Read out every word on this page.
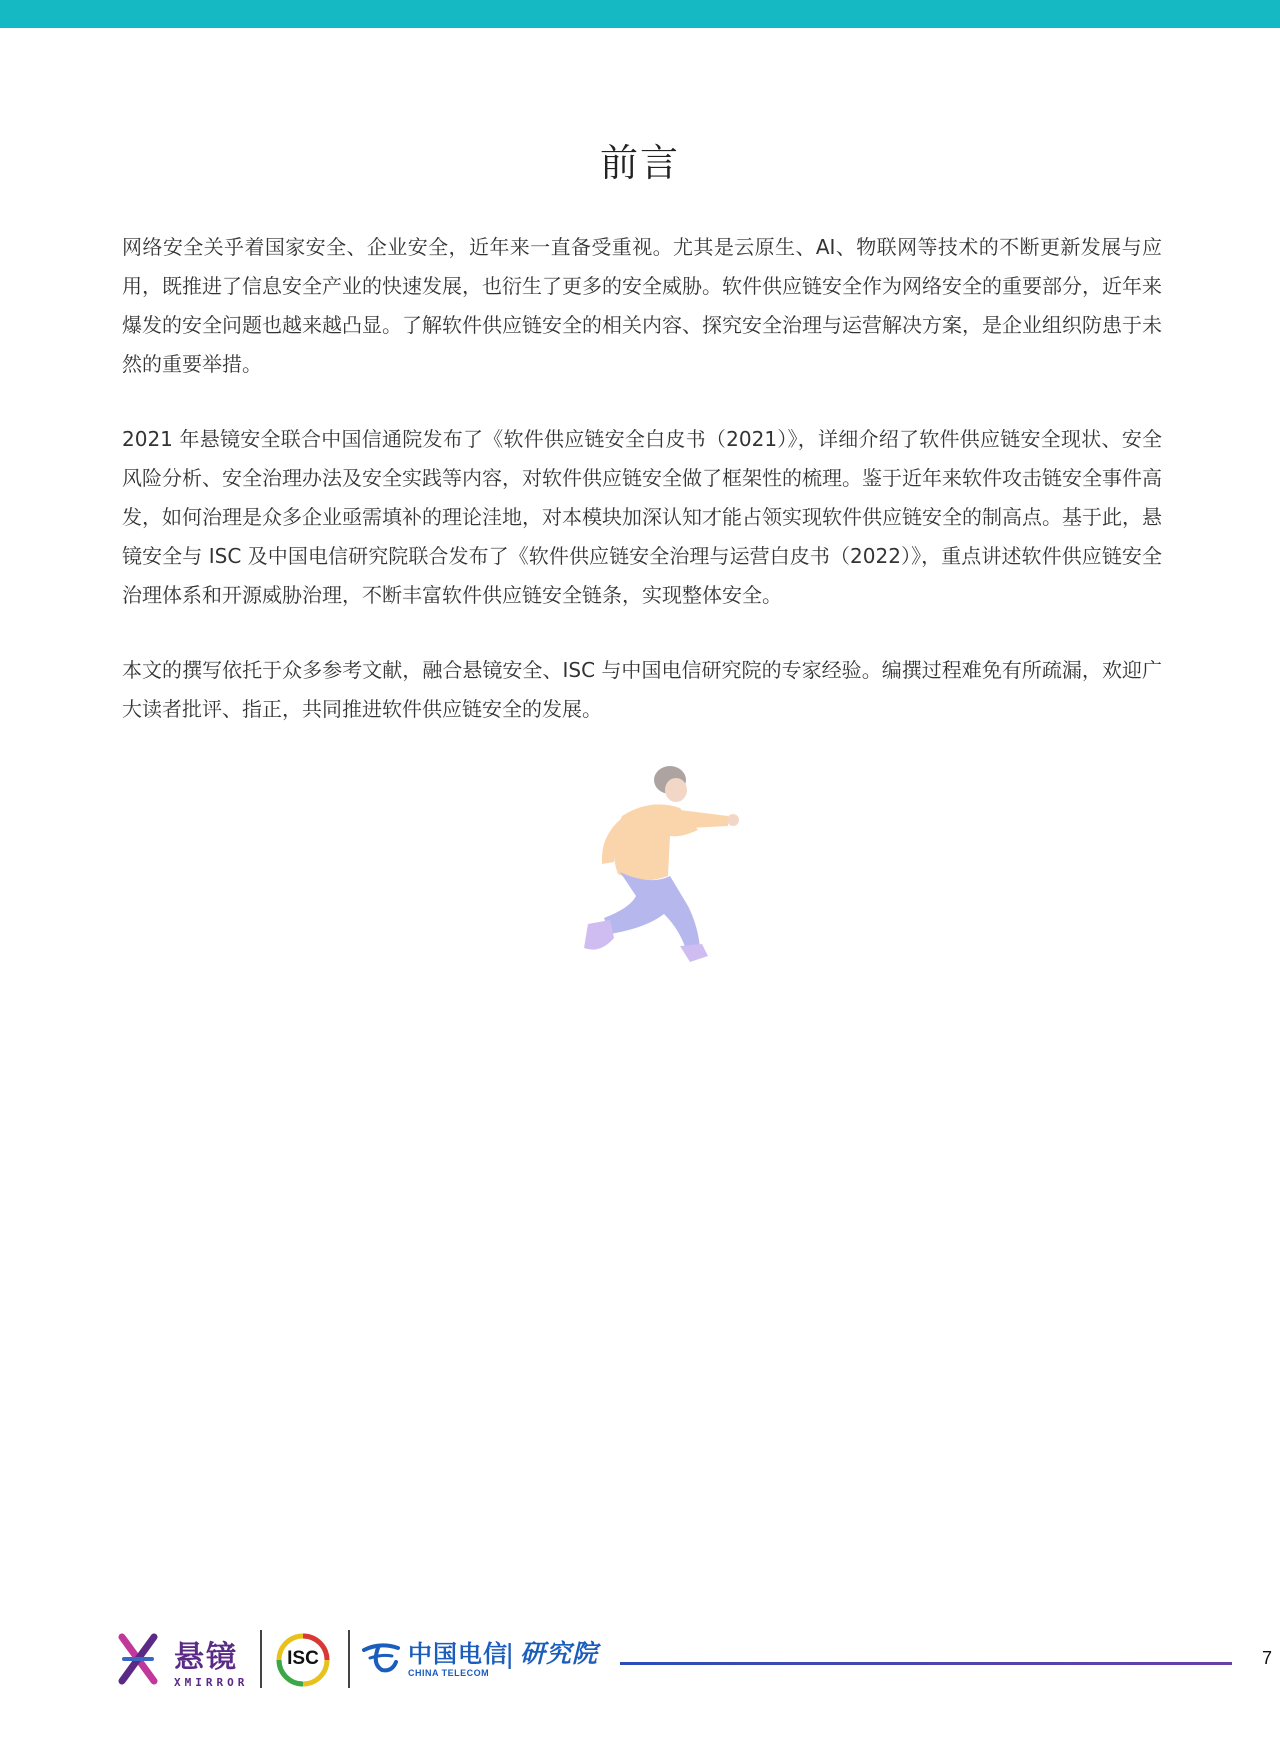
前言

网络安全关乎着国家安全、企业安全，近年来一直备受重视。尤其是云原生、AI、物联网等技术的不断更新发展与应用，既推进了信息安全产业的快速发展，也衍生了更多的安全威胁。软件供应链安全作为网络安全的重要部分，近年来爆发的安全问题也越来越凸显。了解软件供应链安全的相关内容、探究安全治理与运营解决方案，是企业组织防患于未然的重要举措。

2021 年悬镜安全联合中国信通院发布了《软件供应链安全白皮书（2021）》，详细介绍了软件供应链安全现状、安全风险分析、安全治理办法及安全实践等内容，对软件供应链安全做了框架性的梳理。鉴于近年来软件攻击链安全事件高发，如何治理是众多企业亟需填补的理论洼地，对本模块加深认知才能占领实现软件供应链安全的制高点。基于此，悬镜安全与 ISC 及中国电信研究院联合发布了《软件供应链安全治理与运营白皮书（2022）》，重点讲述软件供应链安全治理体系和开源威胁治理，不断丰富软件供应链安全链条，实现整体安全。

本文的撰写依托于众多参考文献，融合悬镜安全、ISC 与中国电信研究院的专家经验。编撰过程难免有所疏漏，欢迎广大读者批评、指正，共同推进软件供应链安全的发展。

悬镜
XMIRROR
ISC	中国电信
CHINA TELECOM
| 研究院	7
